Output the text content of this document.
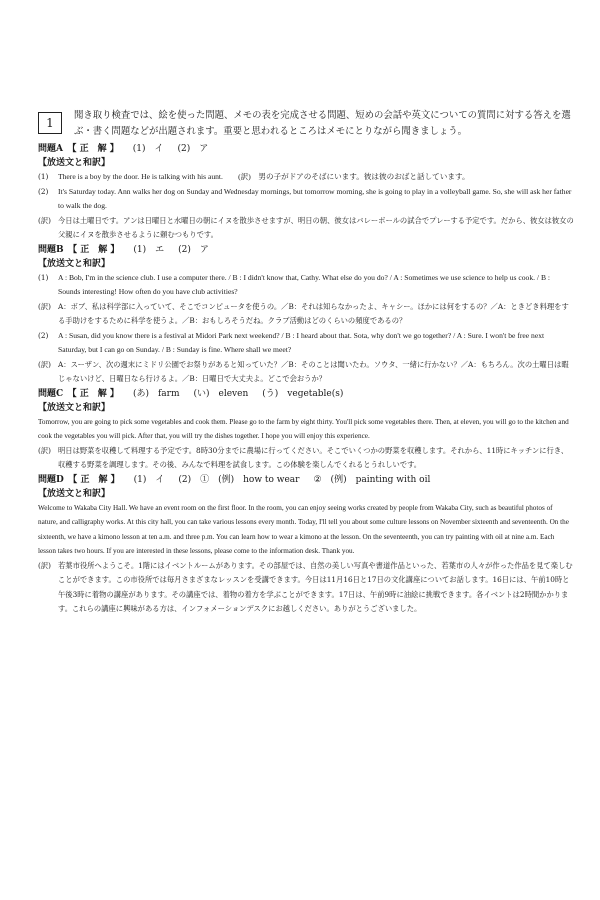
1
聞き取り検査では、絵を使った問題、メモの表を完成させる問題、短めの会話や英文についての質問に対する答えを選ぶ・書く問題などが出題されます。重要と思われるところはメモにとりながら聞きましょう。
問題A　【 正　解 】 (1)　イ (2)　ア
【放送文と和訳】
(1)	There is a boy by the door. He is talking with his aunt.　　(訳)　男の子がドアのそばにいます。彼は彼のおばと話しています。
(2)	It's Saturday today. Ann walks her dog on Sunday and Wednesday mornings, but tomorrow morning, she is going to play in a volleyball game. So, she will ask her father to walk the dog.
(訳) 今日は土曜日です。アンは日曜日と水曜日の朝にイヌを散歩させますが、明日の朝、彼女はバレーボールの試合でプレーする予定です。だから、彼女は彼女の父親にイヌを散歩させるように頼むつもりです。
問題B　【 正　解 】 (1)　エ (2)　ア
【放送文と和訳】
(1)	A : Bob, I'm in the science club. I use a computer there. / B : I didn't know that, Cathy. What else do you do? / A : Sometimes we use science to help us cook. / B : Sounds interesting! How often do you have club activities?
(訳) A：ボブ、私は科学部に入っていて、そこでコンピュータを使うの。／B：それは知らなかったよ、キャシー。ほかには何をするの？／A：ときどき料理をする手助けをするために科学を使うよ。／B：おもしろそうだね。クラブ活動はどのくらいの頻度であるの？
(2)	A : Susan, did you know there is a festival at Midori Park next weekend? / B : I heard about that. Sota, why don't we go together? / A : Sure. I won't be free next Saturday, but I can go on Sunday. / B : Sunday is fine. Where shall we meet?
(訳) A：スーザン、次の週末にミドリ公園でお祭りがあると知っていた？／B：そのことは聞いたわ。ソウタ、一緒に行かない？／A：もちろん。次の土曜日は暇じゃないけど、日曜日なら行けるよ。／B：日曜日で大丈夫よ。どこで会おうか？
問題C　【 正　解 】 (あ)　farm (い)　eleven (う)　vegetable(s)
【放送文と和訳】
Tomorrow, you are going to pick some vegetables and cook them. Please go to the farm by eight thirty. You'll pick some vegetables there. Then, at eleven, you will go to the kitchen and cook the vegetables you will pick. After that, you will try the dishes together. I hope you will enjoy this experience.
(訳) 明日は野菜を収穫して料理する予定です。8時30分までに農場に行ってください。そこでいくつかの野菜を収穫します。それから、11時にキッチンに行き、収穫する野菜を調理します。その後、みんなで料理を試食します。この体験を楽しんでくれるとうれしいです。
問題D　【 正　解 】 (1)　イ (2)　①　(例)　how to wear ②　(例)　painting with oil
【放送文と和訳】
Welcome to Wakaba City Hall. We have an event room on the first floor. In the room, you can enjoy seeing works created by people from Wakaba City, such as beautiful photos of nature, and calligraphy works. At this city hall, you can take various lessons every month. Today, I'll tell you about some culture lessons on November sixteenth and seventeenth. On the sixteenth, we have a kimono lesson at ten a.m. and three p.m. You can learn how to wear a kimono at the lesson. On the seventeenth, you can try painting with oil at nine a.m. Each lesson takes two hours. If you are interested in these lessons, please come to the information desk. Thank you.
(訳) 若葉市役所へようこそ。1階にはイベントルームがあります。その部屋では、自然の美しい写真や書道作品といった、若葉市の人々が作った作品を見て楽しむことができます。この市役所では毎月さまざまなレッスンを受講できます。今日は11月16日と17日の文化講座についてお話します。16日には、午前10時と午後3時に着物の講座があります。その講座では、着物の着方を学ぶことができます。17日は、午前9時に油絵に挑戦できます。各イベントは2時間かかります。これらの講座に興味がある方は、インフォメーションデスクにお越しください。ありがとうございました。
